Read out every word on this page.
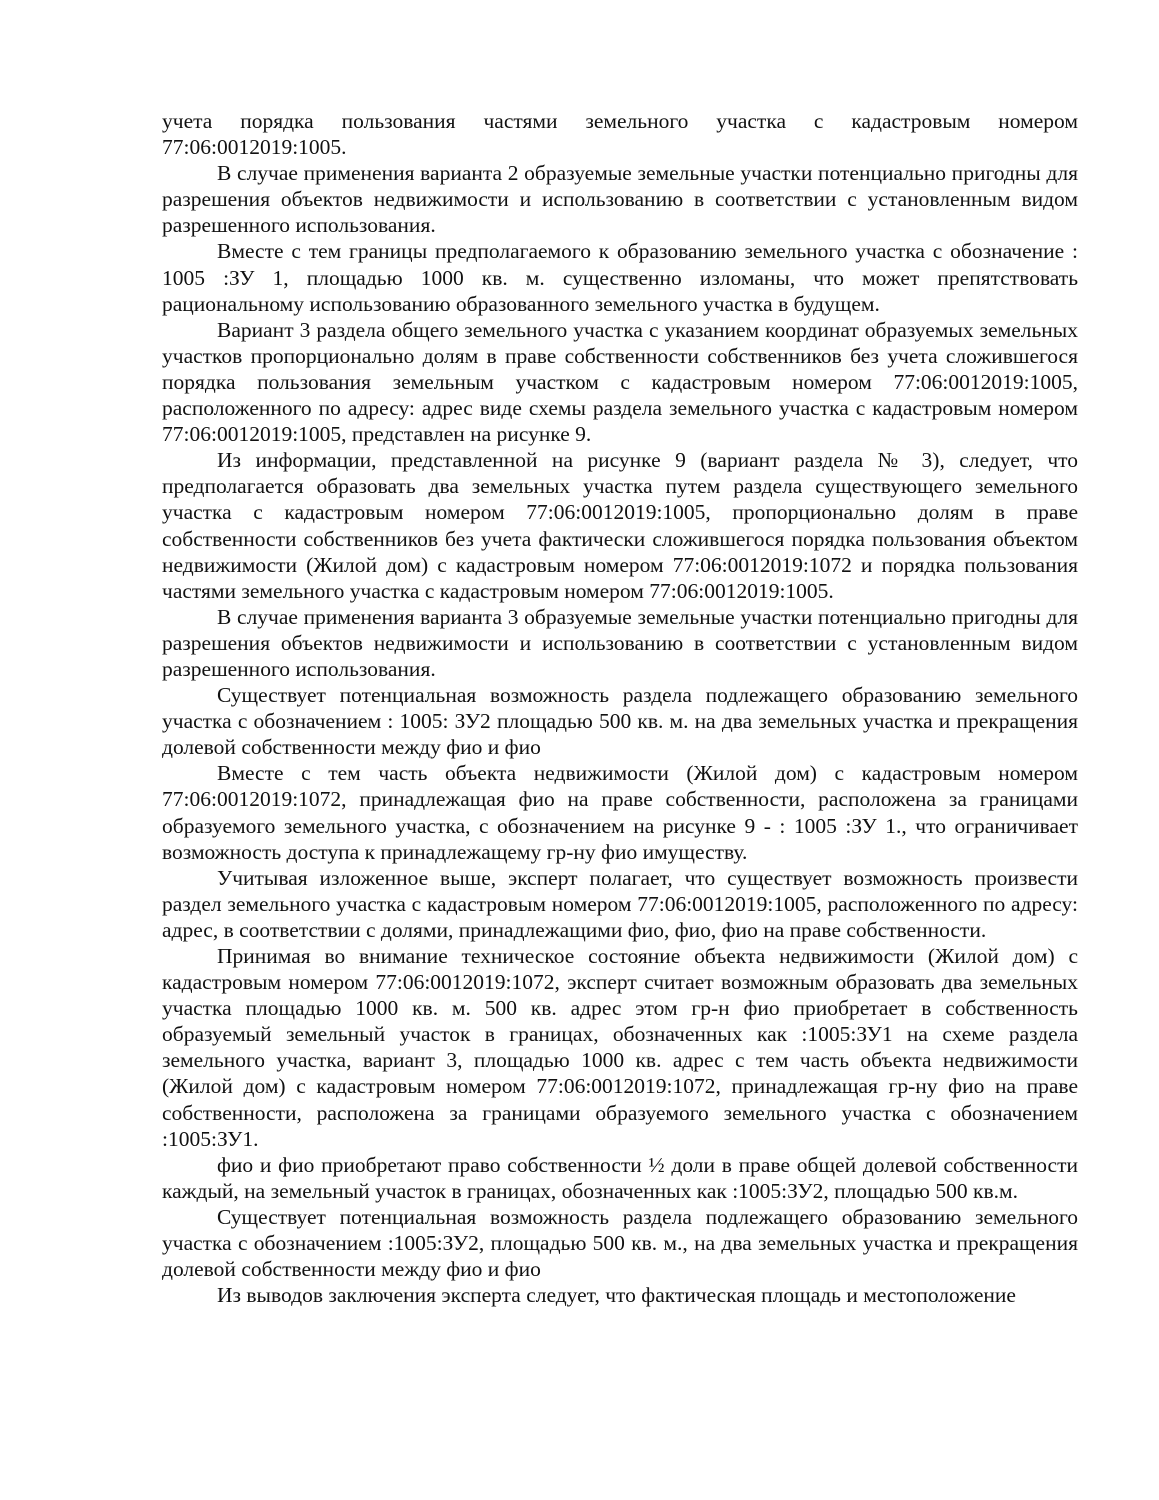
учета порядка пользования частями земельного участка с кадастровым номером 77:06:0012019:1005.

В случае применения варианта 2 образуемые земельные участки потенциально пригодны для разрешения объектов недвижимости и использованию в соответствии с установленным видом разрешенного использования.

Вместе с тем границы предполагаемого к образованию земельного участка с обозначение : 1005 :ЗУ 1, площадью 1000 кв. м. существенно изломаны, что может препятствовать рациональному использованию образованного земельного участка в будущем.

Вариант 3 раздела общего земельного участка с указанием координат образуемых земельных участков пропорционально долям в праве собственности собственников без учета сложившегося порядка пользования земельным участком с кадастровым номером 77:06:0012019:1005, расположенного по адресу: адрес виде схемы раздела земельного участка с кадастровым номером 77:06:0012019:1005, представлен на рисунке 9.

Из информации, представленной на рисунке 9 (вариант раздела № 3), следует, что предполагается образовать два земельных участка путем раздела существующего земельного участка с кадастровым номером 77:06:0012019:1005, пропорционально долям в праве собственности собственников без учета фактически сложившегося порядка пользования объектом недвижимости (Жилой дом) с кадастровым номером 77:06:0012019:1072 и порядка пользования частями земельного участка с кадастровым номером 77:06:0012019:1005.

В случае применения варианта 3 образуемые земельные участки потенциально пригодны для разрешения объектов недвижимости и использованию в соответствии с установленным видом разрешенного использования.

Существует потенциальная возможность раздела подлежащего образованию земельного участка с обозначением : 1005: ЗУ2 площадью 500 кв. м. на два земельных участка и прекращения долевой собственности между фио и фио

Вместе с тем часть объекта недвижимости (Жилой дом) с кадастровым номером 77:06:0012019:1072, принадлежащая фио на праве собственности, расположена за границами образуемого земельного участка, с обозначением на рисунке 9 - : 1005 :ЗУ 1., что ограничивает возможность доступа к принадлежащему гр-ну фио имуществу.

Учитывая изложенное выше, эксперт полагает, что существует возможность произвести раздел земельного участка с кадастровым номером 77:06:0012019:1005, расположенного по адресу: адрес, в соответствии с долями, принадлежащими фио, фио, фио на праве собственности.

Принимая во внимание техническое состояние объекта недвижимости (Жилой дом) с кадастровым номером 77:06:0012019:1072, эксперт считает возможным образовать два земельных участка площадью 1000 кв. м. 500 кв. адрес этом гр-н фио приобретает в собственность образуемый земельный участок в границах, обозначенных как :1005:ЗУ1 на схеме раздела земельного участка, вариант 3, площадью 1000 кв. адрес с тем часть объекта недвижимости (Жилой дом) с кадастровым номером 77:06:0012019:1072, принадлежащая гр-ну фио на праве собственности, расположена за границами образуемого земельного участка с обозначением :1005:ЗУ1.

фио и фио приобретают право собственности ½ доли в праве общей долевой собственности каждый, на земельный участок в границах, обозначенных как :1005:ЗУ2, площадью 500 кв.м.

Существует потенциальная возможность раздела подлежащего образованию земельного участка с обозначением :1005:ЗУ2, площадью 500 кв. м., на два земельных участка и прекращения долевой собственности между фио и фио

Из выводов заключения эксперта следует, что фактическая площадь и местоположение
